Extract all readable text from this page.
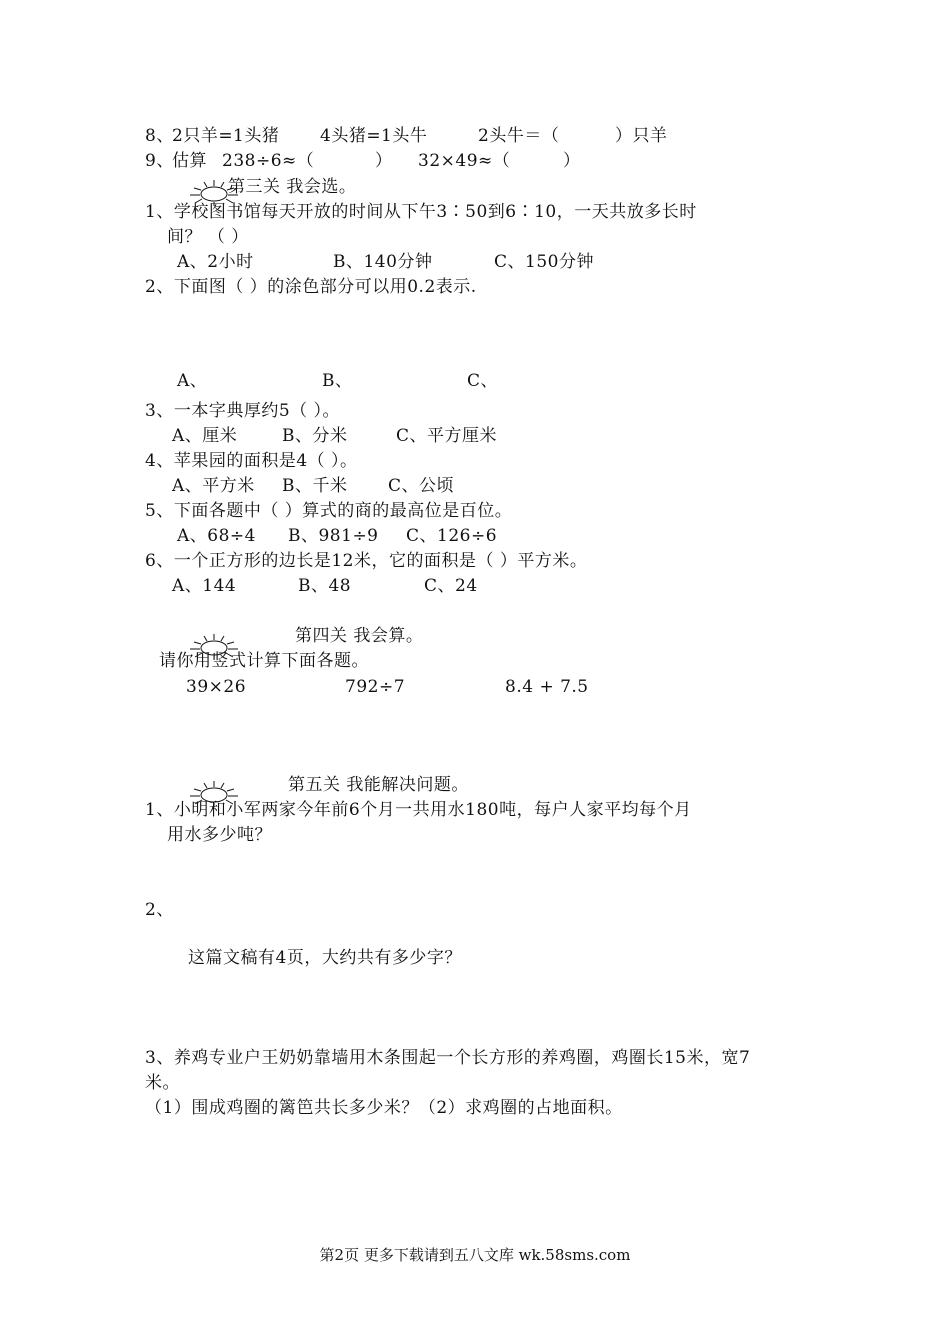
8、
2只羊=1头猪 4头猪=1头牛	2头牛＝（	）只羊
9、
估算 238÷6≈（	） 32×49≈（	）
第三关 我会选。
1、学校图书馆每天开放的时间从下午3∶50到6∶10，一天共放多长时
间？ （ ）
A、2小时	B、140分钟	C、150分钟
2、下面图（ ）的涂色部分可以用0.2表示.
A、	B、	C、
3、一本字典厚约5（ ）。
A、厘米	B、分米	C、平方厘米
4、苹果园的面积是4（ ）。
A、平方米 B、千米 C、公顷
5、下面各题中（ ）算式的商的最高位是百位。
A、68÷4 B、981÷9 C、126÷6
6、一个正方形的边长是12米，它的面积是（ ）平方米。
A、144	B、48	C、24
第四关 我会算。
请你用竖式计算下面各题。
39×26	792÷7	8.4 + 7.5
第五关 我能解决问题。
1、小明和小军两家今年前6个月一共用水180吨，每户人家平均每个月
用水多少吨？
2、
这篇文稿有4页，大约共有多少字？
3、养鸡专业户王奶奶靠墙用木条围起一个长方形的养鸡圈，鸡圈长15米，宽7
米。
（1）围成鸡圈的篱笆共长多少米？（2）求鸡圈的占地面积。
第2页 更多下载请到五八文库 wk.58sms.com
